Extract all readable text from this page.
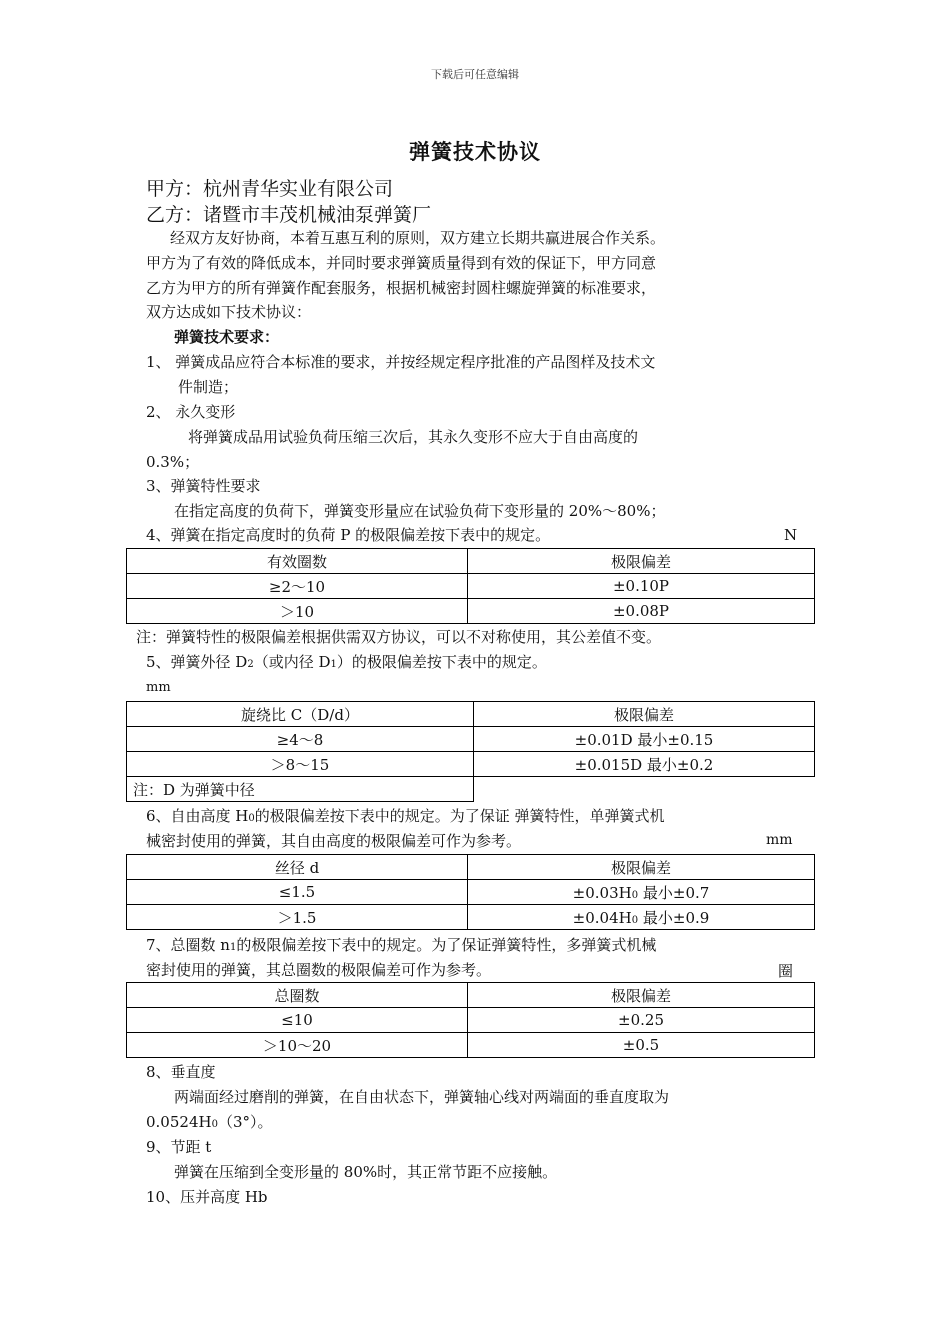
下载后可任意编辑
弹簧技术协议
甲方：杭州青华实业有限公司
乙方：诸暨市丰茂机械油泵弹簧厂
经双方友好协商，本着互惠互利的原则，双方建立长期共赢进展合作关系。
甲方为了有效的降低成本，并同时要求弹簧质量得到有效的保证下，甲方同意
乙方为甲方的所有弹簧作配套服务，根据机械密封圆柱螺旋弹簧的标准要求，
双方达成如下技术协议：
弹簧技术要求：
1、 弹簧成品应符合本标准的要求，并按经规定程序批准的产品图样及技术文
件制造；
2、 永久变形
将弹簧成品用试验负荷压缩三次后，其永久变形不应大于自由高度的
0.3%；
3、弹簧特性要求
在指定高度的负荷下，弹簧变形量应在试验负荷下变形量的 20%～80%；
4、弹簧在指定高度时的负荷 P 的极限偏差按下表中的规定。	N
有效圈数	极限偏差
≥2～10	±0.10P
＞10	±0.08P
注：弹簧特性的极限偏差根据供需双方协议，可以不对称使用，其公差值不变。
5、弹簧外径 D2（或内径 D1）的极限偏差按下表中的规定。
mm
旋绕比 C（D/d）	极限偏差
≥4～8	±0.01D 最小±0.15
＞8～15	±0.015D 最小±0.2
注：D 为弹簧中径	
6、自由高度 H0的极限偏差按下表中的规定。为了保证 弹簧特性，单弹簧式机
械密封使用的弹簧，其自由高度的极限偏差可作为参考。	mm
丝径 d	极限偏差
≤1.5	±0.03H0 最小±0.7
＞1.5	±0.04H0 最小±0.9
7、总圈数 n1的极限偏差按下表中的规定。为了保证弹簧特性，多弹簧式机械
密封使用的弹簧，其总圈数的极限偏差可作为参考。	圈
总圈数	极限偏差
≤10	±0.25
＞10～20	±0.5
8、垂直度
两端面经过磨削的弹簧，在自由状态下，弹簧轴心线对两端面的垂直度取为
0.0524H0（3°）。
9、节距 t
弹簧在压缩到全变形量的 80%时，其正常节距不应接触。
10、压并高度 Hb
